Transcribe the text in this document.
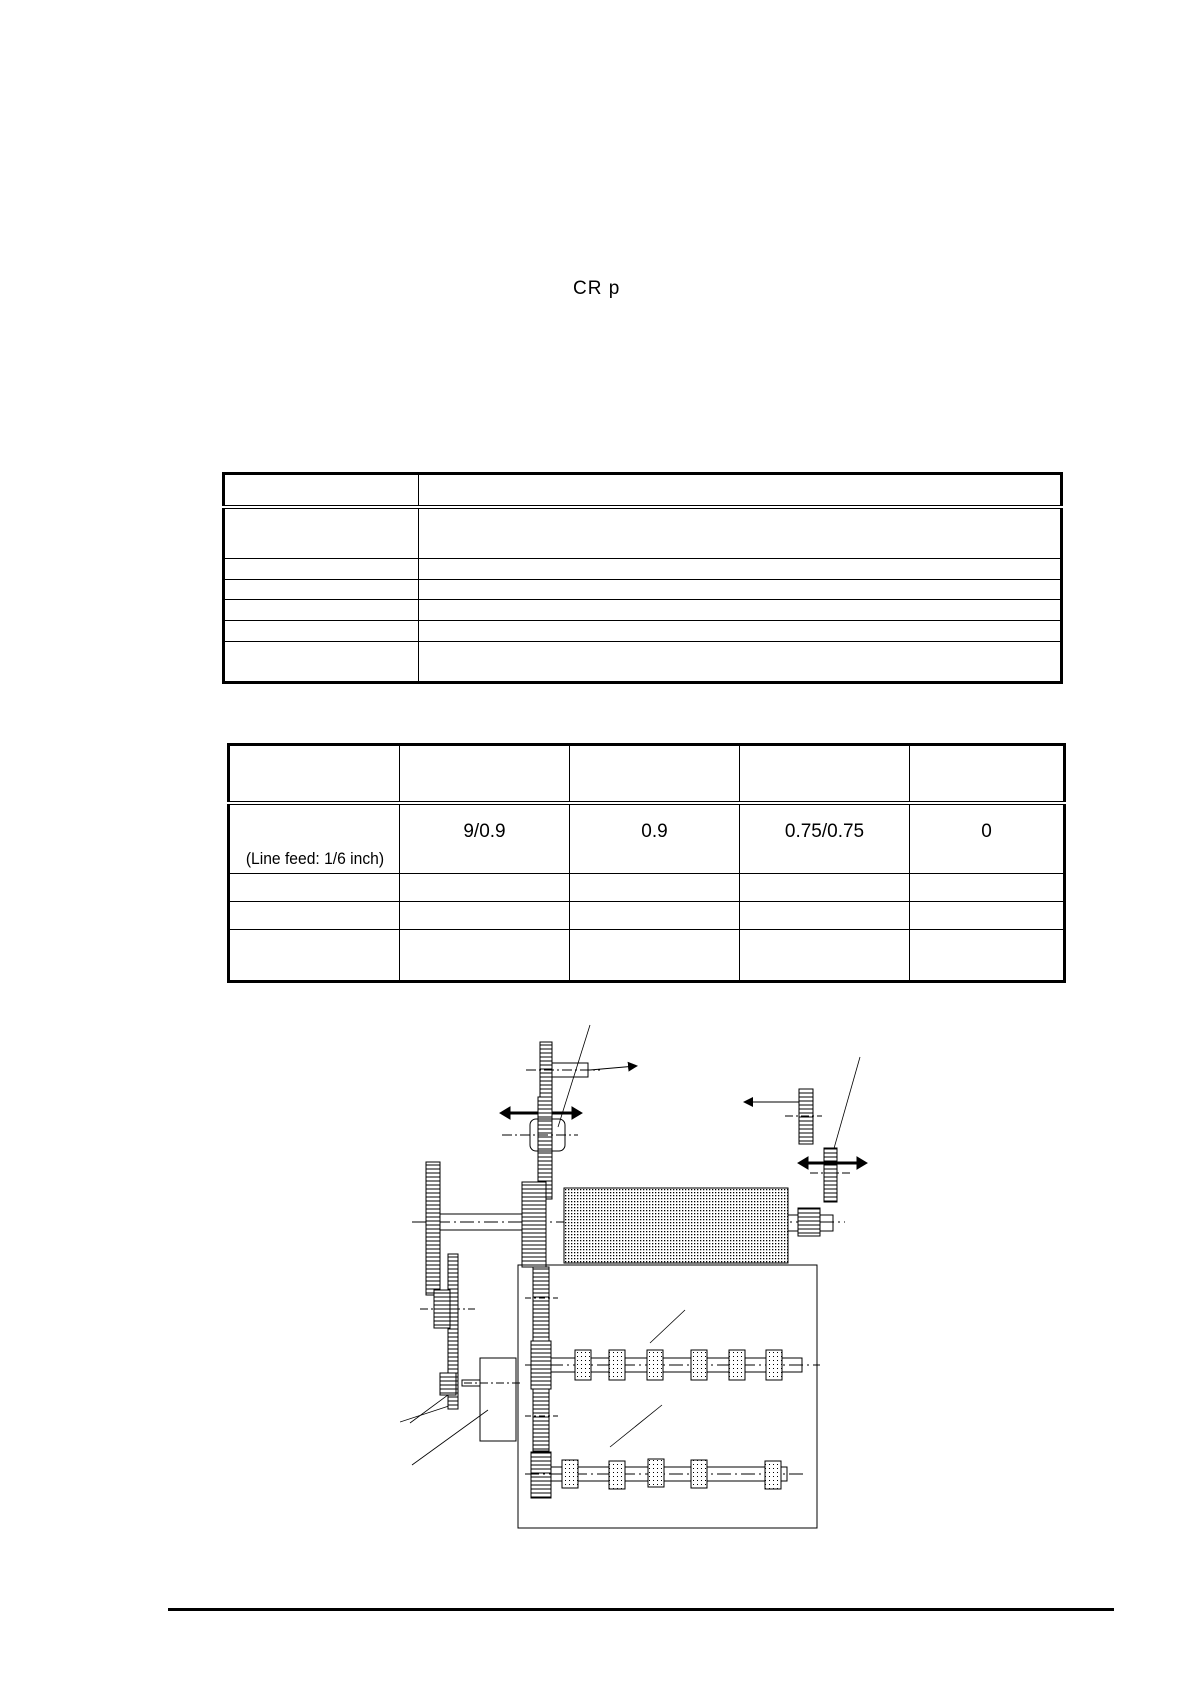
CR p

(Line feed: 1/6 inch)	9/0.9	0.9	0.75/0.75	0
